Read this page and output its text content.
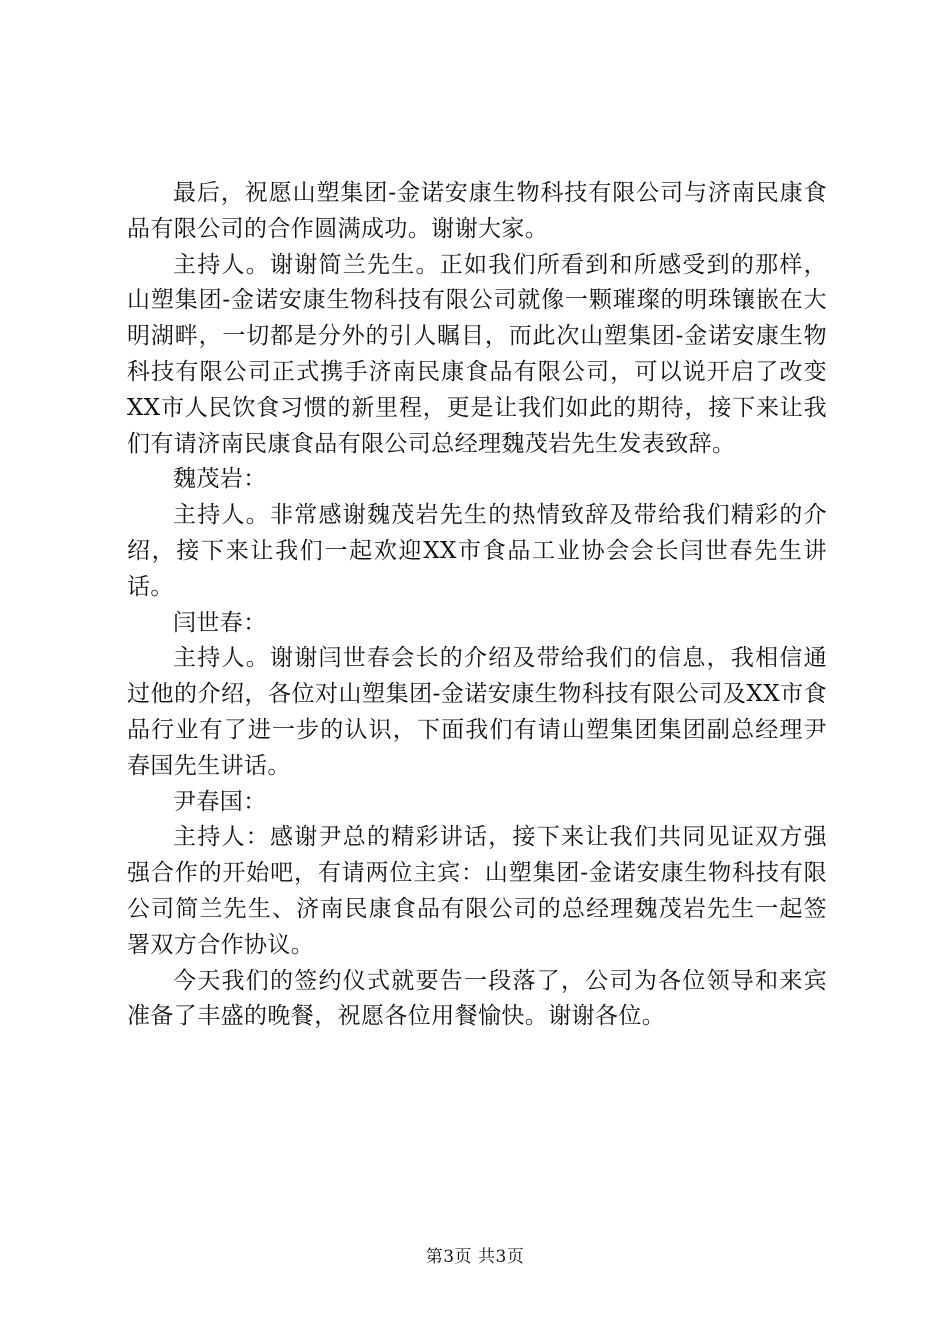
最后，祝愿山塑集团-金诺安康生物科技有限公司与济南民康食品有限公司的合作圆满成功。谢谢大家。

主持人。谢谢简兰先生。正如我们所看到和所感受到的那样，山塑集团-金诺安康生物科技有限公司就像一颗璀璨的明珠镶嵌在大明湖畔，一切都是分外的引人瞩目，而此次山塑集团-金诺安康生物科技有限公司正式携手济南民康食品有限公司，可以说开启了改变XX市人民饮食习惯的新里程，更是让我们如此的期待，接下来让我们有请济南民康食品有限公司总经理魏茂岩先生发表致辞。

魏茂岩：

主持人。非常感谢魏茂岩先生的热情致辞及带给我们精彩的介绍，接下来让我们一起欢迎XX市食品工业协会会长闫世春先生讲话。

闫世春：

主持人。谢谢闫世春会长的介绍及带给我们的信息，我相信通过他的介绍，各位对山塑集团-金诺安康生物科技有限公司及XX市食品行业有了进一步的认识，下面我们有请山塑集团集团副总经理尹春国先生讲话。

尹春国：

主持人：感谢尹总的精彩讲话，接下来让我们共同见证双方强强合作的开始吧，有请两位主宾：山塑集团-金诺安康生物科技有限公司简兰先生、济南民康食品有限公司的总经理魏茂岩先生一起签署双方合作协议。

今天我们的签约仪式就要告一段落了，公司为各位领导和来宾准备了丰盛的晚餐，祝愿各位用餐愉快。谢谢各位。

第3页 共3页
